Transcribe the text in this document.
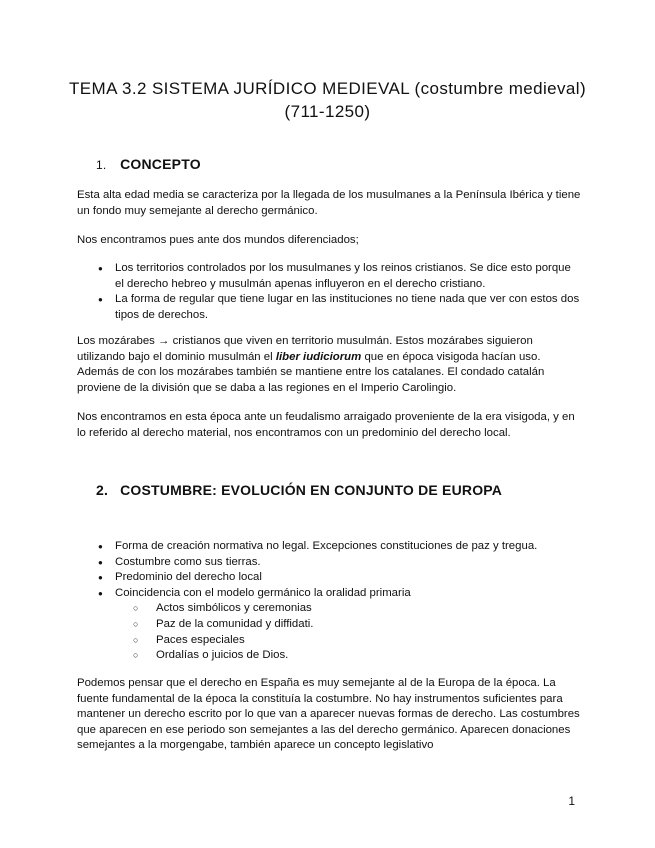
TEMA 3.2 SISTEMA JURÍDICO MEDIEVAL (costumbre medieval) (711-1250)
1. CONCEPTO

Esta alta edad media se caracteriza por la llegada de los musulmanes a la Península Ibérica y tiene un fondo muy semejante al derecho germánico.

Nos encontramos pues ante dos mundos diferenciados;

● Los territorios controlados por los musulmanes y los reinos cristianos. Se dice esto porque el derecho hebreo y musulmán apenas influyeron en el derecho cristiano.
● La forma de regular que tiene lugar en las instituciones no tiene nada que ver con estos dos tipos de derechos.

Los mozárabes → cristianos que viven en territorio musulmán. Estos mozárabes siguieron utilizando bajo el dominio musulmán el liber iudiciorum que en época visigoda hacían uso. Además de con los mozárabes también se mantiene entre los catalanes. El condado catalán proviene de la división que se daba a las regiones en el Imperio Carolingio.

Nos encontramos en esta época ante un feudalismo arraigado proveniente de la era visigoda, y en lo referido al derecho material, nos encontramos con un predominio del derecho local.

2. COSTUMBRE: EVOLUCIÓN EN CONJUNTO DE EUROPA
● Forma de creación normativa no legal. Excepciones constituciones de paz y tregua.
● Costumbre como sus tierras.
● Predominio del derecho local
● Coincidencia con el modelo germánico la oralidad primaria
○ Actos simbólicos y ceremonias
○ Paz de la comunidad y diffidati.
○ Paces especiales
○ Ordalías o juicios de Dios.

Podemos pensar que el derecho en España es muy semejante al de la Europa de la época. La fuente fundamental de la época la constituía la costumbre. No hay instrumentos suficientes para mantener un derecho escrito por lo que van a aparecer nuevas formas de derecho. Las costumbres que aparecen en ese periodo son semejantes a las del derecho germánico. Aparecen donaciones semejantes a la morgengabe, también aparece un concepto legislativo

1
